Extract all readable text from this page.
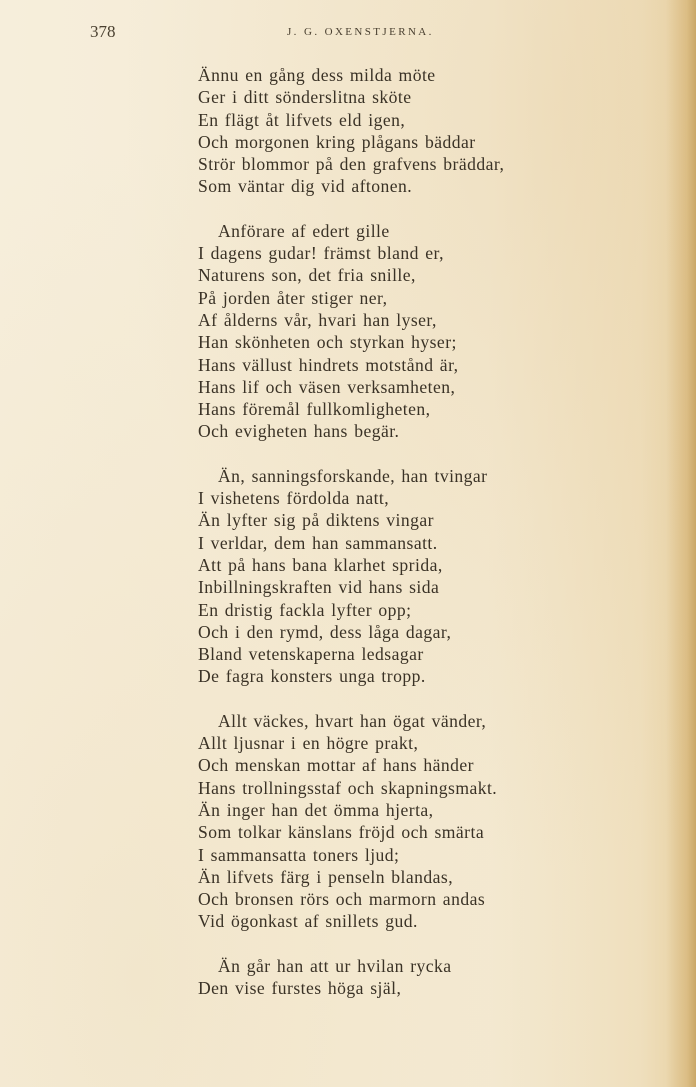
378	J. G. OXENSTJERNA.
Ännu en gång dess milda möte
Ger i ditt sönderslitna sköte
En flägt åt lifvets eld igen,
Och morgonen kring plågans bäddar
Strör blommor på den grafvens bräddar,
Som väntar dig vid aftonen.
Anförare af edert gille
I dagens gudar! främst bland er,
Naturens son, det fria snille,
På jorden åter stiger ner,
Af ålderns vår, hvari han lyser,
Han skönheten och styrkan hyser;
Hans vällust hindrets motstånd är,
Hans lif och väsen verksamheten,
Hans föremål fullkomligheten,
Och evigheten hans begär.
Än, sanningsforskande, han tvingar
I vishetens fördolda natt,
Än lyfter sig på diktens vingar
I verldar, dem han sammansatt.
Att på hans bana klarhet sprida,
Inbillningskraften vid hans sida
En dristig fackla lyfter opp;
Och i den rymd, dess låga dagar,
Bland vetenskaperna ledsagar
De fagra konsters unga tropp.
Allt väckes, hvart han ögat vänder,
Allt ljusnar i en högre prakt,
Och menskan mottar af hans händer
Hans trollningsstaf och skapningsmakt.
Än inger han det ömma hjerta,
Som tolkar känslans fröjd och smärta
I sammansatta toners ljud;
Än lifvets färg i penseln blandas,
Och bronsen rörs och marmorn andas
Vid ögonkast af snillets gud.
Än går han att ur hvilan rycka
Den vise furstes höga själ,
